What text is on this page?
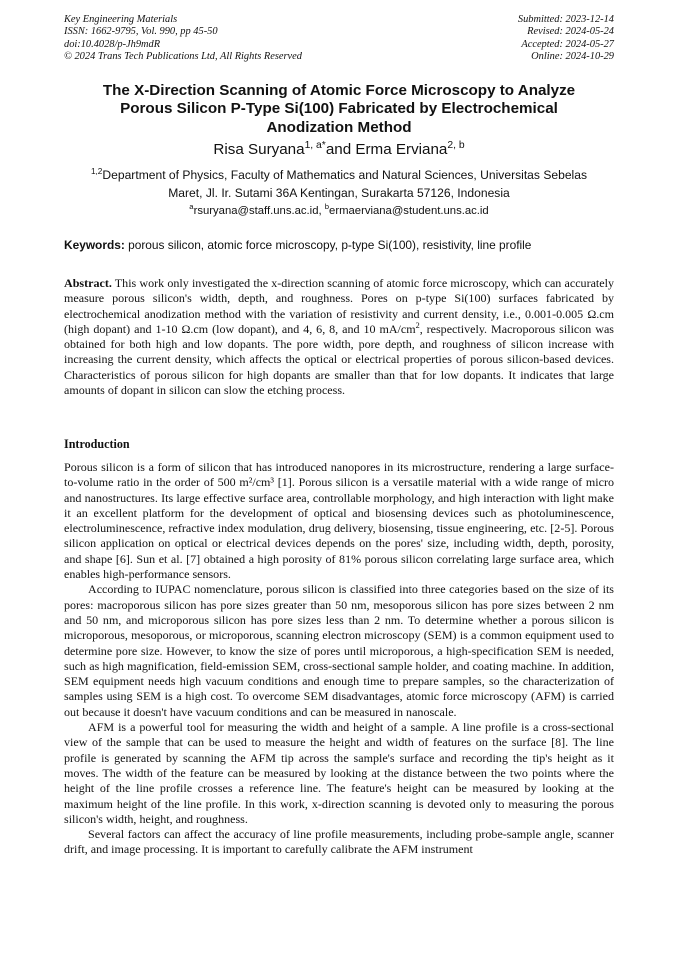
Key Engineering Materials
ISSN: 1662-9795, Vol. 990, pp 45-50
doi:10.4028/p-Jh9mdR
© 2024 Trans Tech Publications Ltd, All Rights Reserved
Submitted: 2023-12-14
Revised: 2024-05-24
Accepted: 2024-05-27
Online: 2024-10-29
The X-Direction Scanning of Atomic Force Microscopy to Analyze
Porous Silicon P-Type Si(100) Fabricated by Electrochemical
Anodization Method
Risa Suryana$^{1, a*}$and Erma Erviana$^{2, b}$
$^{1,2}$Department of Physics, Faculty of Mathematics and Natural Sciences, Universitas Sebelas
Maret, Jl. Ir. Sutami 36A Kentingan, Surakarta 57126, Indonesia
$^a$rsuryana@staff.uns.ac.id, $^b$ermaerviana@student.uns.ac.id
Keywords: porous silicon, atomic force microscopy, p-type Si(100), resistivity, line profile

Abstract. This work only investigated the x-direction scanning of atomic force microscopy, which can accurately measure porous silicon's width, depth, and roughness. Pores on p-type Si(100) surfaces fabricated by electrochemical anodization method with the variation of resistivity and current density, i.e., 0.001-0.005 Ω.cm (high dopant) and 1-10 Ω.cm (low dopant), and 4, 6, 8, and 10 $mA/cm^2$, respectively. Macroporous silicon was obtained for both high and low dopants. The pore width, pore depth, and roughness of silicon increase with increasing the current density, which affects the optical or electrical properties of porous silicon-based devices. Characteristics of porous silicon for high dopants are smaller than that for low dopants. It indicates that large amounts of dopant in silicon can slow the etching process.

Introduction

Porous silicon is a form of silicon that has introduced nanopores in its microstructure, rendering a large surface-to-volume ratio in the order of 500 m²/cm³ [1]. Porous silicon is a versatile material with a wide range of micro and nanostructures. Its large effective surface area, controllable morphology, and high interaction with light make it an excellent platform for the development of optical and biosensing devices such as photoluminescence, electroluminescence, refractive index modulation, drug delivery, biosensing, tissue engineering, etc. [2-5]. Porous silicon application on optical or electrical devices depends on the pores' size, including width, depth, porosity, and shape [6]. Sun et al. [7] obtained a high porosity of 81% porous silicon correlating large surface area, which enables high-performance sensors.

According to IUPAC nomenclature, porous silicon is classified into three categories based on the size of its pores: macroporous silicon has pore sizes greater than 50 nm, mesoporous silicon has pore sizes between 2 nm and 50 nm, and microporous silicon has pore sizes less than 2 nm. To determine whether a porous silicon is microporous, mesoporous, or microporous, scanning electron microscopy (SEM) is a common equipment used to determine pore size. However, to know the size of pores until microporous, a high-specification SEM is needed, such as high magnification, field-emission SEM, cross-sectional sample holder, and coating machine. In addition, SEM equipment needs high vacuum conditions and enough time to prepare samples, so the characterization of samples using SEM is a high cost. To overcome SEM disadvantages, atomic force microscopy (AFM) is carried out because it doesn't have vacuum conditions and can be measured in nanoscale.

AFM is a powerful tool for measuring the width and height of a sample. A line profile is a cross-sectional view of the sample that can be used to measure the height and width of features on the surface [8]. The line profile is generated by scanning the AFM tip across the sample's surface and recording the tip's height as it moves. The width of the feature can be measured by looking at the distance between the two points where the height of the line profile crosses a reference line. The feature's height can be measured by looking at the maximum height of the line profile. In this work, x-direction scanning is devoted only to measuring the porous silicon's width, height, and roughness.

Several factors can affect the accuracy of line profile measurements, including probe-sample angle, scanner drift, and image processing. It is important to carefully calibrate the AFM instrument
